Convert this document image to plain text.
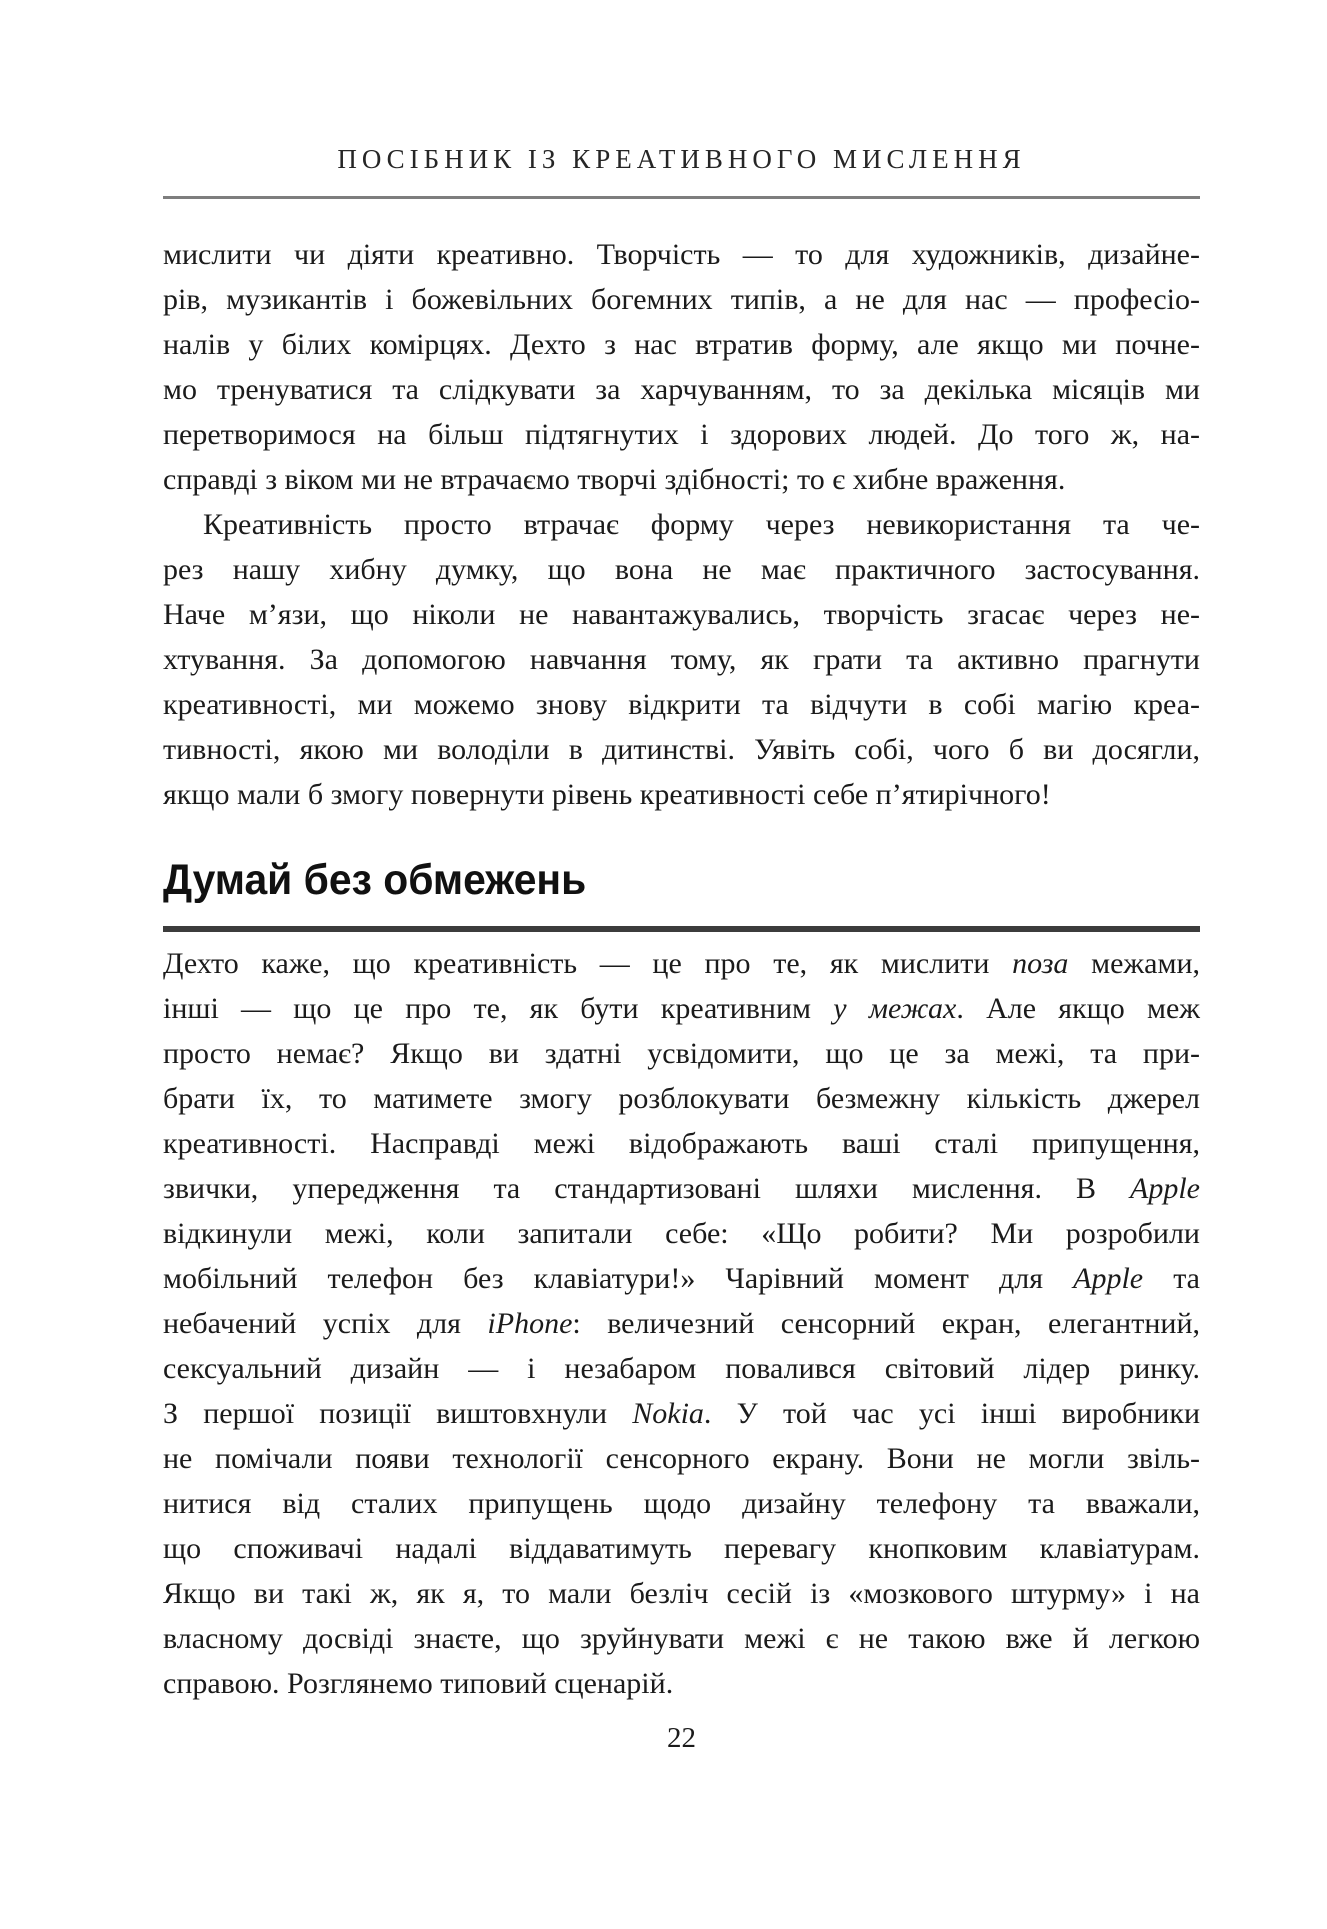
ПОСІБНИК ІЗ КРЕАТИВНОГО МИСЛЕННЯ
мислити чи діяти креативно. Творчість — то для художників, дизайне-
рів, музикантів і божевільних богемних типів, а не для нас — професіо-
налів у білих комірцях. Дехто з нас втратив форму, але якщо ми почне-
мо тренуватися та слідкувати за харчуванням, то за декілька місяців ми
перетворимося на більш підтягнутих і здорових людей. До того ж, на-
справді з віком ми не втрачаємо творчі здібності; то є хибне враження.
Креативність просто втрачає форму через невикористання та че-
рез нашу хибну думку, що вона не має практичного застосування.
Наче м’язи, що ніколи не навантажувались, творчість згасає через не-
хтування. За допомогою навчання тому, як грати та активно прагнути
креативності, ми можемо знову відкрити та відчути в собі магію креа-
тивності, якою ми володіли в дитинстві. Уявіть собі, чого б ви досягли,
якщо мали б змогу повернути рівень креативності себе п’ятирічного!
Думай без обмежень
Дехто каже, що креативність — це про те, як мислити поза межами,
інші — що це про те, як бути креативним у межах. Але якщо меж
просто немає? Якщо ви здатні усвідомити, що це за межі, та при-
брати їх, то матимете змогу розблокувати безмежну кількість джерел
креативності. Насправді межі відображають ваші сталі припущення,
звички, упередження та стандартизовані шляхи мислення. В Apple
відкинули межі, коли запитали себе: «Що робити? Ми розробили
мобільний телефон без клавіатури!» Чарівний момент для Apple та
небачений успіх для iPhone: величезний сенсорний екран, елегантний,
сексуальний дизайн — і незабаром повалився світовий лідер ринку.
З першої позиції виштовхнули Nokia. У той час усі інші виробники
не помічали появи технології сенсорного екрану. Вони не могли звіль-
нитися від сталих припущень щодо дизайну телефону та вважали,
що споживачі надалі віддаватимуть перевагу кнопковим клавіатурам.
Якщо ви такі ж, як я, то мали безліч сесій із «мозкового штурму» і на
власному досвіді знаєте, що зруйнувати межі є не такою вже й легкою
справою. Розглянемо типовий сценарій.
22
